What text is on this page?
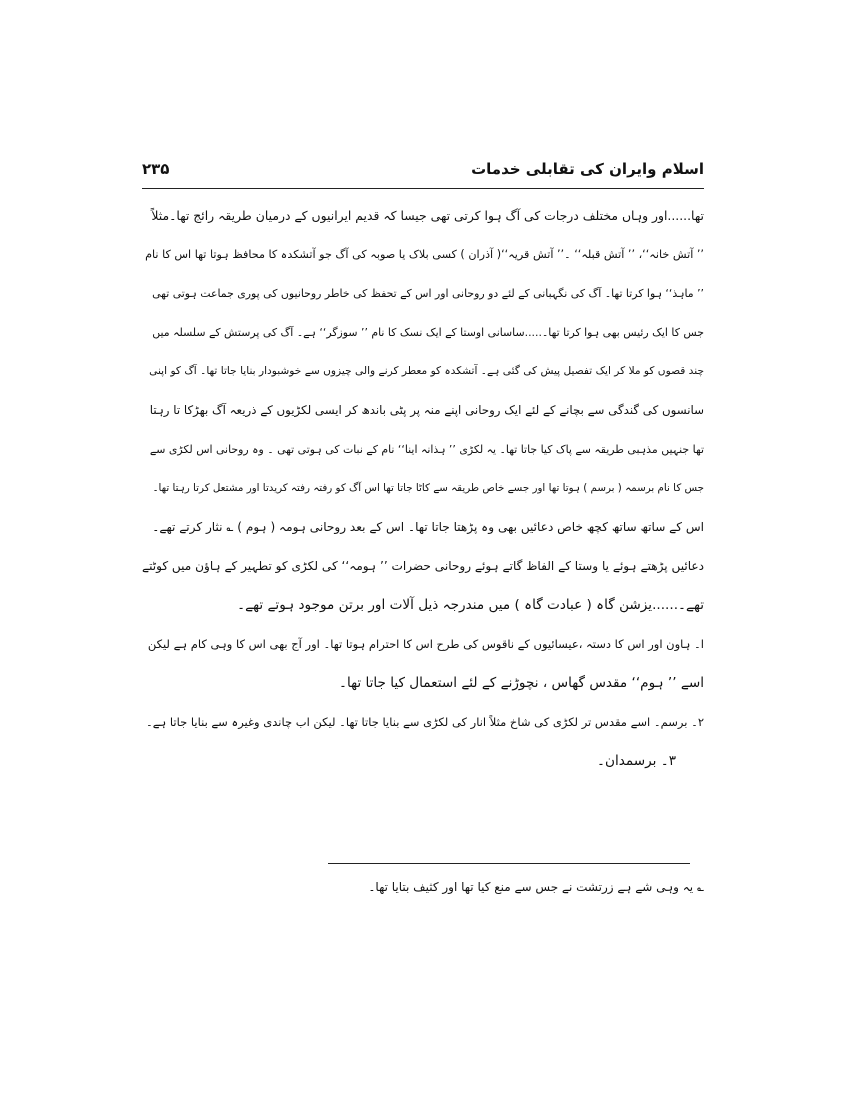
اسلام وایران کی تقابلی خدمات
۲۳۵
تھا......اور وہاں مختلف درجات کی آگ ہوا کرتی تھی جیسا کہ قدیم ایرانیوں کے درمیان طریقہ رائج تھا۔مثلاً
’’ آتش خانہ‘‘، ’’ آتش قبلہ‘‘ ۔’’ آتش قریہ‘‘( آذران ) کسی بلاک یا صوبہ کی آگ جو آتشکدہ کا محافظ ہوتا تھا اس کا نام
’’ ماہذ‘‘ ہوا کرتا تھا۔ آگ کی نگہبانی کے لئے دو روحانی اور اس کے تحفظ کی خاطر روحانیوں کی پوری جماعت ہوتی تھی
جس کا ایک رئیس بھی ہوا کرتا تھا۔.....ساسانی اوستا کے ایک نسک کا نام ’’ سوزگر‘‘ ہے۔ آگ کی پرستش کے سلسلہ میں
چند قصوں کو ملا کر ایک تفصیل پیش کی گئی ہے۔ آتشکدہ کو معطر کرنے والی چیزوں سے خوشبودار بنایا جاتا تھا۔ آگ کو اپنی
سانسوں کی گندگی سے بچانے کے لئے ایک روحانی اپنے منہ پر پٹی باندھ کر ایسی لکڑیوں کے ذریعہ آگ بھڑکا تا رہتا
تھا جنہیں مذہبی طریقہ سے پاک کیا جاتا تھا۔ یہ لکڑی ’’ ہذانہ اینا‘‘ نام کے نبات کی ہوتی تھی ۔ وہ روحانی اس لکڑی سے
جس کا نام برسمہ ( برسم ) ہوتا تھا اور جسے خاص طریقہ سے کاٹا جاتا تھا اس آگ کو رفتہ رفتہ کریدتا اور مشتعل کرتا رہتا تھا۔
اس کے ساتھ ساتھ کچھ خاص دعائیں بھی وہ پڑھتا جاتا تھا۔ اس کے بعد روحانی ہومہ ( ہوم ) ؎ نثار کرتے تھے۔
دعائیں پڑھتے ہوئے یا وستا کے الفاظ گاتے ہوئے روحانی حضرات ’’ ہومہ‘‘ کی لکڑی کو تطہیر کے ہاؤن میں کوٹتے
تھے۔......یزشن گاہ ( عبادت گاہ ) میں مندرجہ ذیل آلات اور برتن موجود ہوتے تھے۔
ا۔ ہاون اور اس کا دستہ ،عیسائیوں کے ناقوس کی طرح اس کا احترام ہوتا تھا۔ اور آج بھی اس کا وہی کام ہے لیکن
اسے ’’ ہوم‘‘ مقدس گھاس ، نچوڑنے کے لئے استعمال کیا جاتا تھا۔
۲۔ برسم۔ اسے مقدس تر لکڑی کی شاخ مثلاً انار کی لکڑی سے بنایا جاتا تھا۔ لیکن اب چاندی وغیرہ سے بنایا جاتا ہے۔
۳۔ برسمدان۔
؎ یہ وہی شے ہے زرتشت نے جس سے منع کیا تھا اور کثیف بتایا تھا۔
